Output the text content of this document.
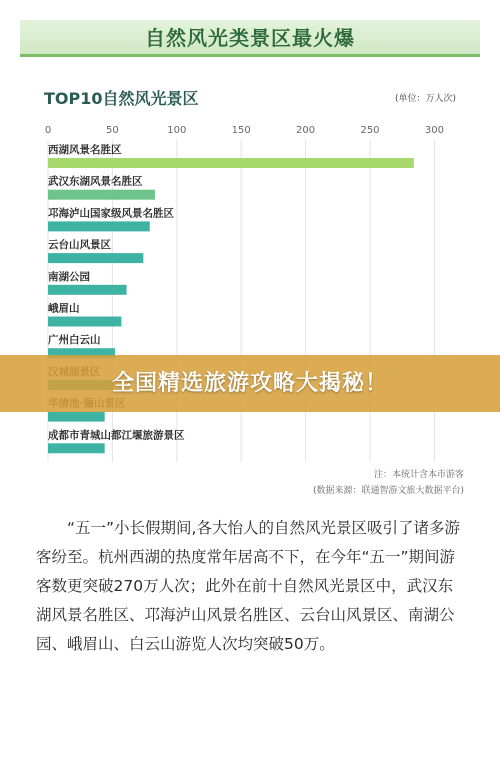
自然风光类景区最火爆
TOP10自然风光景区	(单位：万人次)
0	50	100	150	200	250	300
西湖风景名胜区
武汉东湖风景名胜区
邛海泸山国家级风景名胜区
云台山风景区
南湖公园
峨眉山
广州白云山
成都市青城山都江堰旅游景区
全国精选旅游攻略大揭秘！
注：本统计含本市游客
(数据来源：联通智游文旅大数据平台)

“五一”小长假期间,各大怡人的自然风光景区吸引了诸多游客纷至。杭州西湖的热度常年居高不下，在今年“五一”期间游客数更突破270万人次；此外在前十自然风光景区中，武汉东湖风景名胜区、邛海泸山风景名胜区、云台山风景区、南湖公园、峨眉山、白云山游览人次均突破50万。
